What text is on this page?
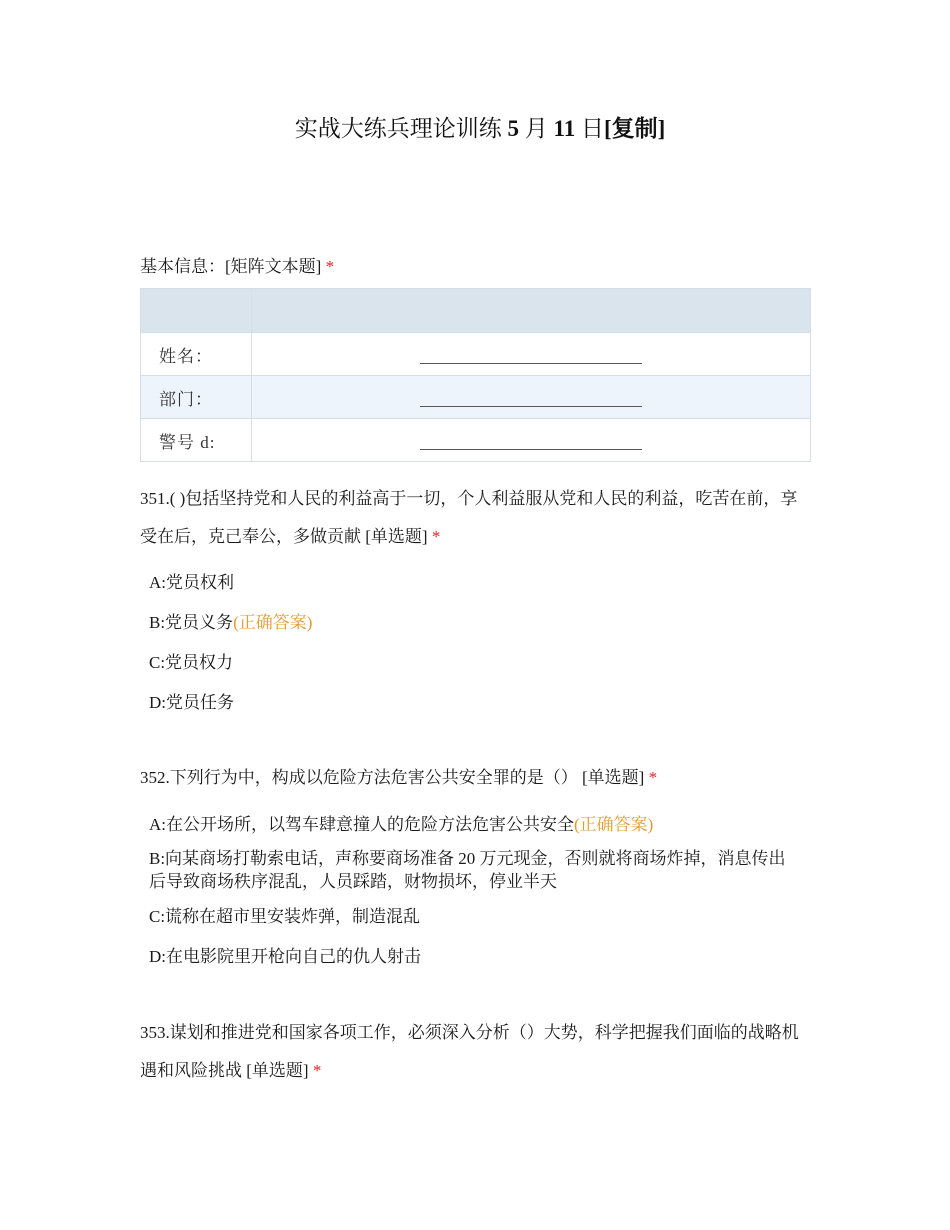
实战大练兵理论训练 5 月 11 日[复制]
基本信息：[矩阵文本题] *

姓名：	
部门：	
警号 d:	
351.( )包括坚持党和人民的利益高于一切，个人利益服从党和人民的利益，吃苦在前，享受在后，克己奉公，多做贡献 [单选题] *
A:党员权利
B:党员义务(正确答案)
C:党员权力
D:党员任务
352.下列行为中，构成以危险方法危害公共安全罪的是（） [单选题] *
A:在公开场所，以驾车肆意撞人的危险方法危害公共安全(正确答案)
B:向某商场打勒索电话，声称要商场准备 20 万元现金，否则就将商场炸掉，消息传出后导致商场秩序混乱，人员踩踏，财物损坏，停业半天
C:谎称在超市里安装炸弹，制造混乱
D:在电影院里开枪向自己的仇人射击
353.谋划和推进党和国家各项工作，必须深入分析（）大势，科学把握我们面临的战略机遇和风险挑战 [单选题] *
